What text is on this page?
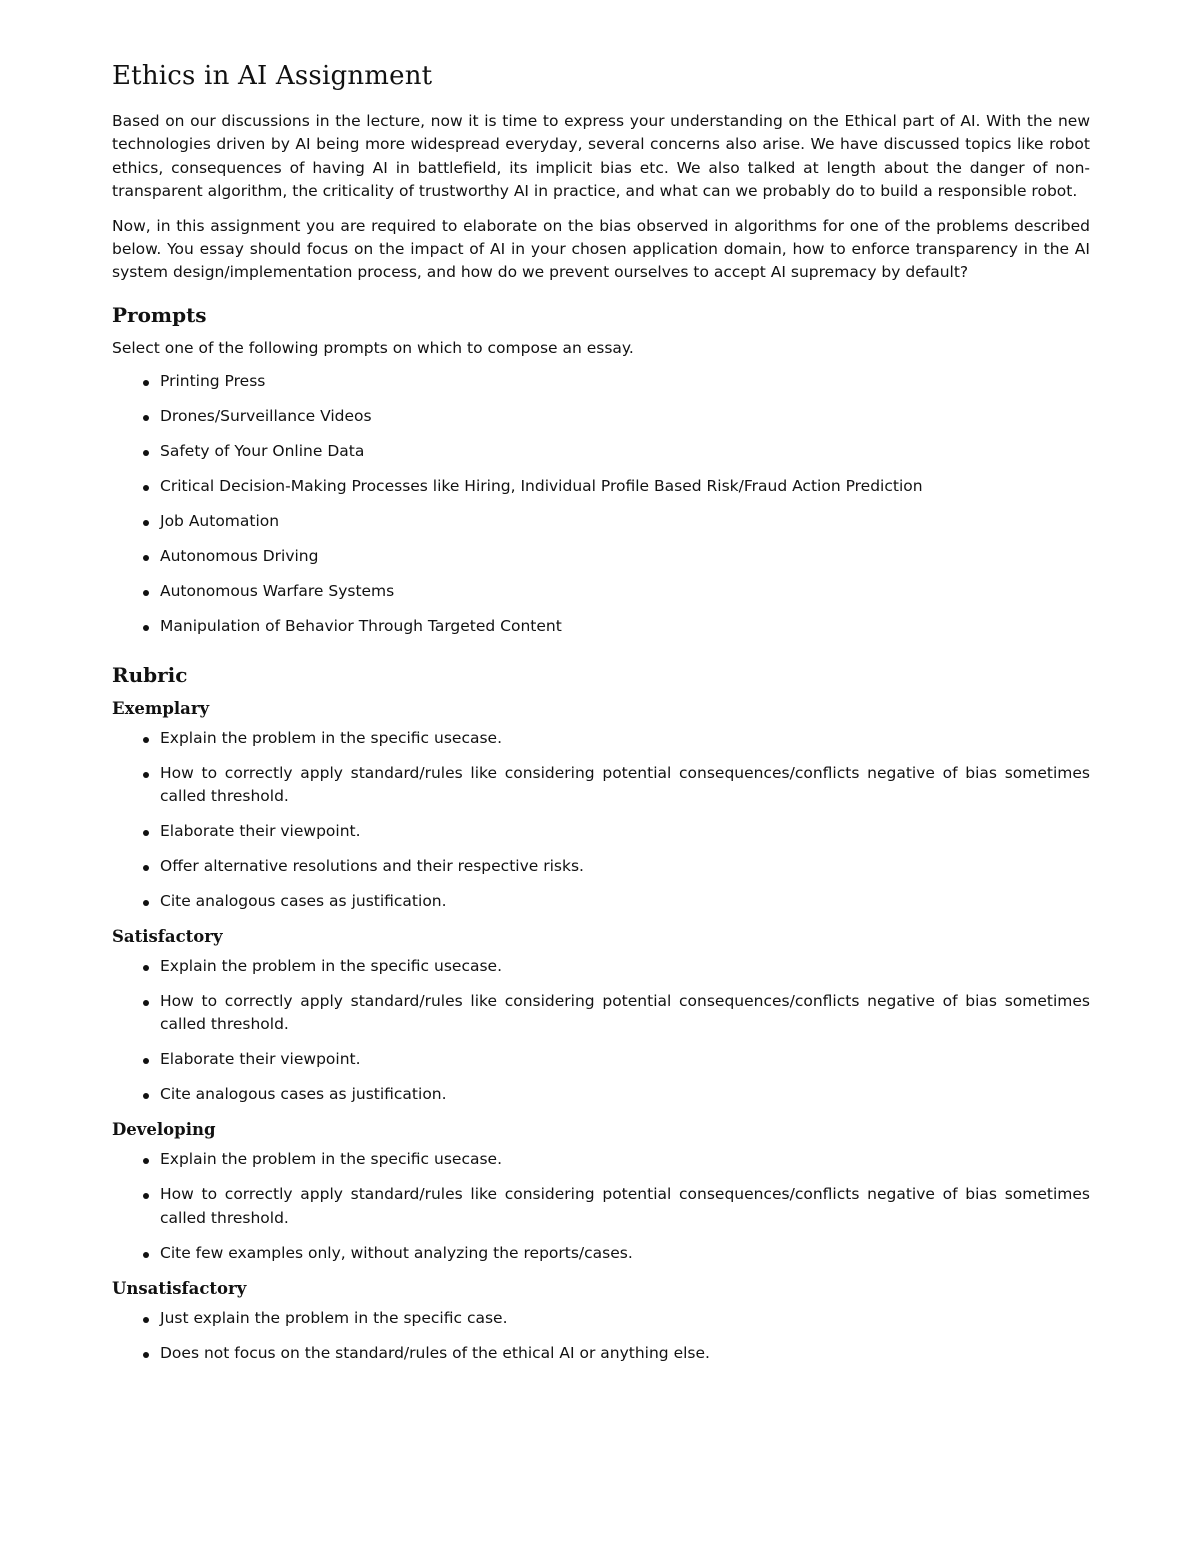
Ethics in AI Assignment

Based on our discussions in the lecture, now it is time to express your understanding on the Ethical part of AI. With the new technologies driven by AI being more widespread everyday, several concerns also arise. We have discussed topics like robot ethics, consequences of having AI in battlefield, its implicit bias etc. We also talked at length about the danger of non-transparent algorithm, the criticality of trustworthy AI in practice, and what can we probably do to build a responsible robot.

Now, in this assignment you are required to elaborate on the bias observed in algorithms for one of the problems described below. You essay should focus on the impact of AI in your chosen application domain, how to enforce transparency in the AI system design/implementation process, and how do we prevent ourselves to accept AI supremacy by default?

Prompts

Select one of the following prompts on which to compose an essay.

Printing Press
Drones/Surveillance Videos
Safety of Your Online Data
Critical Decision-Making Processes like Hiring, Individual Profile Based Risk/Fraud Action Prediction
Job Automation
Autonomous Driving
Autonomous Warfare Systems
Manipulation of Behavior Through Targeted Content
Rubric
Exemplary
Explain the problem in the specific usecase.
How to correctly apply standard/rules like considering potential consequences/conflicts negative of bias sometimes called threshold.
Elaborate their viewpoint.
Offer alternative resolutions and their respective risks.
Cite analogous cases as justification.
Satisfactory
Explain the problem in the specific usecase.
How to correctly apply standard/rules like considering potential consequences/conflicts negative of bias sometimes called threshold.
Elaborate their viewpoint.
Cite analogous cases as justification.
Developing
Explain the problem in the specific usecase.
How to correctly apply standard/rules like considering potential consequences/conflicts negative of bias sometimes called threshold.
Cite few examples only, without analyzing the reports/cases.
Unsatisfactory
Just explain the problem in the specific case.
Does not focus on the standard/rules of the ethical AI or anything else.
